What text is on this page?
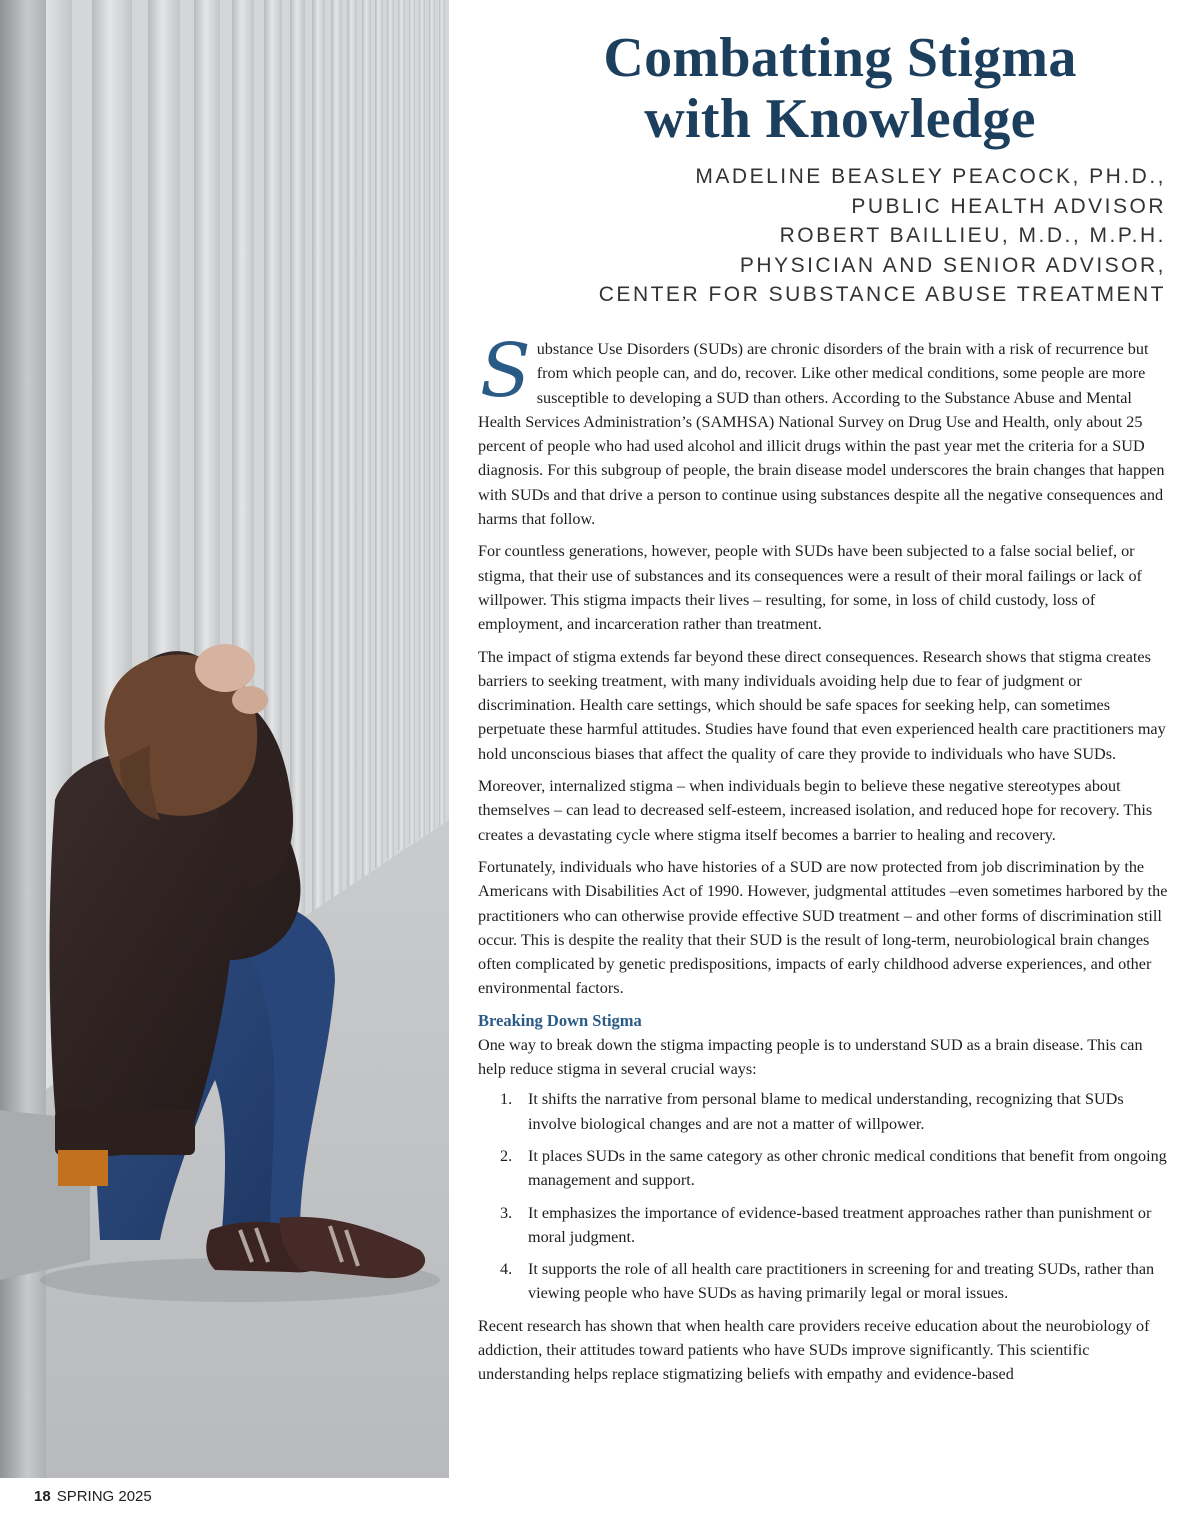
Combatting Stigma
with Knowledge
MADELINE BEASLEY PEACOCK, PH.D.,
PUBLIC HEALTH ADVISOR
ROBERT BAILLIEU, M.D., M.P.H.
PHYSICIAN AND SENIOR ADVISOR,
CENTER FOR SUBSTANCE ABUSE TREATMENT

Substance Use Disorders (SUDs) are chronic disorders of the brain with a risk of recurrence but from which people can, and do, recover. Like other medical conditions, some people are more susceptible to developing a SUD than others. According to the Substance Abuse and Mental Health Services Administration’s (SAMHSA) National Survey on Drug Use and Health, only about 25 percent of people who had used alcohol and illicit drugs within the past year met the criteria for a SUD diagnosis. For this subgroup of people, the brain disease model underscores the brain changes that happen with SUDs and that drive a person to continue using substances despite all the negative consequences and harms that follow.

For countless generations, however, people with SUDs have been subjected to a false social belief, or stigma, that their use of substances and its consequences were a result of their moral failings or lack of willpower. This stigma impacts their lives – resulting, for some, in loss of child custody, loss of employment, and incarceration rather than treatment.

The impact of stigma extends far beyond these direct consequences. Research shows that stigma creates barriers to seeking treatment, with many individuals avoiding help due to fear of judgment or discrimination. Health care settings, which should be safe spaces for seeking help, can sometimes perpetuate these harmful attitudes. Studies have found that even experienced health care practitioners may hold unconscious biases that affect the quality of care they provide to individuals who have SUDs.

Moreover, internalized stigma – when individuals begin to believe these negative stereotypes about themselves – can lead to decreased self-esteem, increased isolation, and reduced hope for recovery. This creates a devastating cycle where stigma itself becomes a barrier to healing and recovery.

Fortunately, individuals who have histories of a SUD are now protected from job discrimination by the Americans with Disabilities Act of 1990. However, judgmental attitudes –even sometimes harbored by the practitioners who can otherwise provide effective SUD treatment – and other forms of discrimination still occur. This is despite the reality that their SUD is the result of long-term, neurobiological brain changes often complicated by genetic predispositions, impacts of early childhood adverse experiences, and other environmental factors.

Breaking Down Stigma

One way to break down the stigma impacting people is to understand SUD as a brain disease. This can help reduce stigma in several crucial ways:

1. It shifts the narrative from personal blame to medical understanding, recognizing that SUDs involve biological changes and are not a matter of willpower.
2. It places SUDs in the same category as other chronic medical conditions that benefit from ongoing management and support.
3. It emphasizes the importance of evidence-based treatment approaches rather than punishment or moral judgment.
4. It supports the role of all health care practitioners in screening for and treating SUDs, rather than viewing people who have SUDs as having primarily legal or moral issues.

Recent research has shown that when health care providers receive education about the neurobiology of addiction, their attitudes toward patients who have SUDs improve significantly. This scientific understanding helps replace stigmatizing beliefs with empathy and evidence-based

18 SPRING 2025
